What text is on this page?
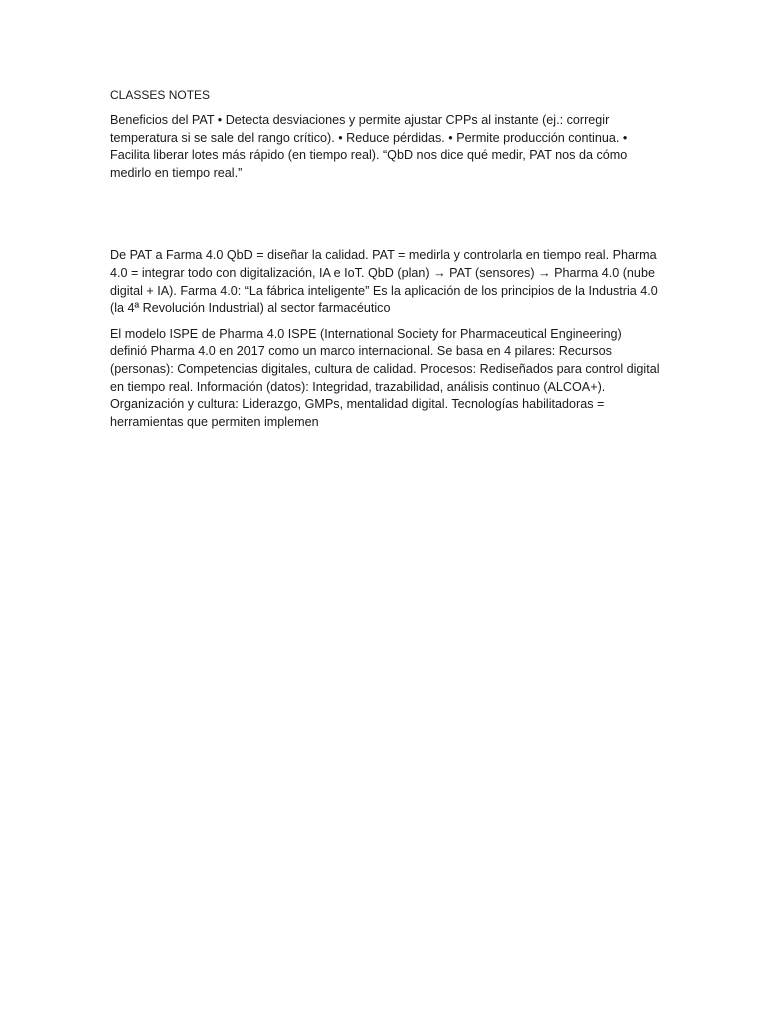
CLASSES NOTES

Beneficios del PAT • Detecta desviaciones y permite ajustar CPPs al instante (ej.: corregir temperatura si se sale del rango crítico). • Reduce pérdidas. • Permite producción continua. • Facilita liberar lotes más rápido (en tiempo real). “QbD nos dice qué medir, PAT nos da cómo medirlo en tiempo real.”

De PAT a Farma 4.0 QbD = diseñar la calidad. PAT = medirla y controlarla en tiempo real. Pharma 4.0 = integrar todo con digitalización, IA e IoT. QbD (plan) → PAT (sensores) → Pharma 4.0 (nube digital + IA). Farma 4.0: “La fábrica inteligente” Es la aplicación de los principios de la Industria 4.0 (la 4ª Revolución Industrial) al sector farmacéutico

El modelo ISPE de Pharma 4.0 ISPE (International Society for Pharmaceutical Engineering) definió Pharma 4.0 en 2017 como un marco internacional. Se basa en 4 pilares: Recursos (personas): Competencias digitales, cultura de calidad. Procesos: Rediseñados para control digital en tiempo real. Información (datos): Integridad, trazabilidad, análisis continuo (ALCOA+). Organización y cultura: Liderazgo, GMPs, mentalidad digital. Tecnologías habilitadoras = herramientas que permiten implemen
